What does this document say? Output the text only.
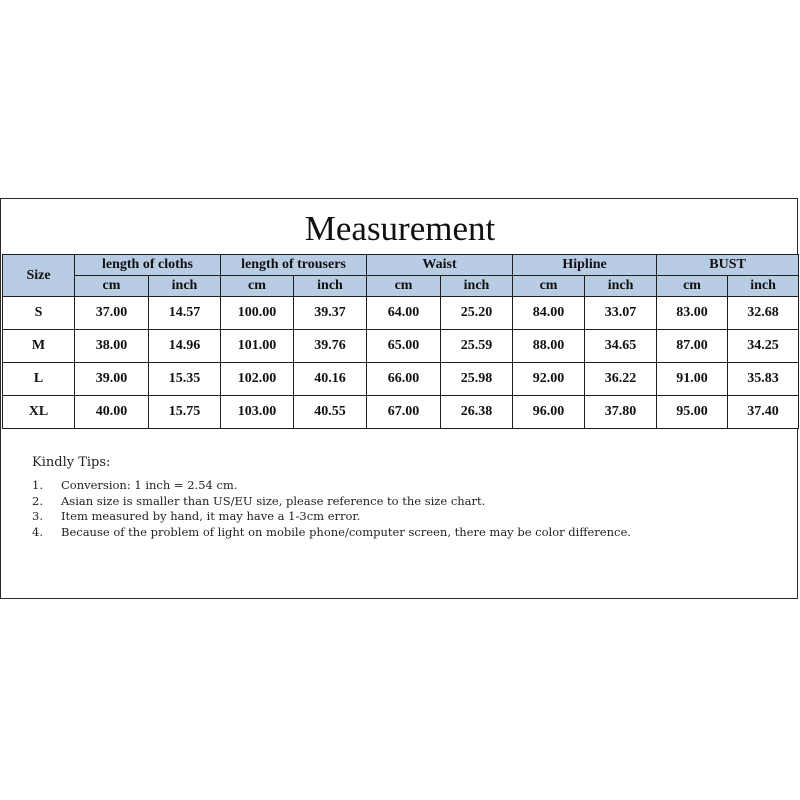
Measurement
Size	length of cloths		length of trousers		Waist		Hipline		BUST	
	cm	inch	cm	inch	cm	inch	cm	inch	cm	inch
S	37.00	14.57	100.00	39.37	64.00	25.20	84.00	33.07	83.00	32.68
M	38.00	14.96	101.00	39.76	65.00	25.59	88.00	34.65	87.00	34.25
L	39.00	15.35	102.00	40.16	66.00	25.98	92.00	36.22	91.00	35.83
XL	40.00	15.75	103.00	40.55	67.00	26.38	96.00	37.80	95.00	37.40
Kindly Tips:
1.	Conversion: 1 inch = 2.54 cm.
2.	Asian size is smaller than US/EU size, please reference to the size chart.
3.	Item measured by hand, it may have a 1-3cm error.
4.	Because of the problem of light on mobile phone/computer screen, there may be color difference.
